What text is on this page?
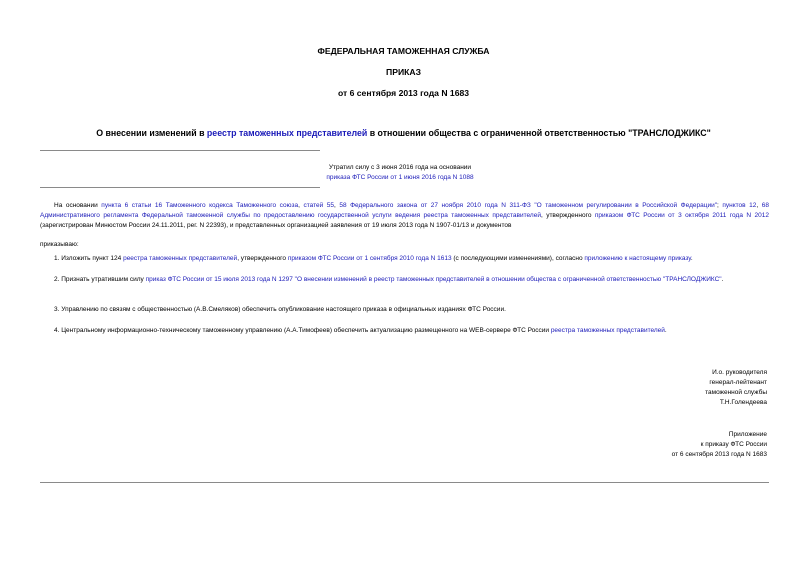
ФЕДЕРАЛЬНАЯ ТАМОЖЕННАЯ СЛУЖБА
ПРИКАЗ
от 6 сентября 2013 года N 1683
О внесении изменений в реестр таможенных представителей в отношении общества с ограниченной ответственностью "ТРАНСЛОДЖИКС"
Утратил силу с 3 июня 2016 года на основании
приказа ФТС России от 1 июня 2016 года N 1088
На основании пункта 6 статьи 16 Таможенного кодекса Таможенного союза, статей 55, 58 Федерального закона от 27 ноября 2010 года N 311-ФЗ "О таможенном регулировании в Российской Федерации"; пунктов 12, 68 Административного регламента Федеральной таможенной службы по предоставлению государственной услуги ведения реестра таможенных представителей, утвержденного приказом ФТС России от 3 октября 2011 года N 2012 (зарегистрирован Минюстом России 24.11.2011, рег. N 22393), и представленных организацией заявления от 19 июля 2013 года N 1907-01/13 и документов
приказываю:
1. Изложить пункт 124 реестра таможенных представителей, утвержденного приказом ФТС России от 1 сентября 2010 года N 1613 (с последующими изменениями), согласно приложению к настоящему приказу.
2. Признать утратившим силу приказ ФТС России от 15 июля 2013 года N 1297 "О внесении изменений в реестр таможенных представителей в отношении общества с ограниченной ответственностью "ТРАНСЛОДЖИКС".
3. Управлению по связям с общественностью (А.В.Смеляков) обеспечить опубликование настоящего приказа в официальных изданиях ФТС России.
4. Центральному информационно-техническому таможенному управлению (А.А.Тимофеев) обеспечить актуализацию размещенного на WEB-сервере ФТС России реестра таможенных представителей.
И.о. руководителя
генерал-лейтенант
таможенной службы
Т.Н.Голендеева
Приложение
к приказу ФТС России
от 6 сентября 2013 года N 1683
